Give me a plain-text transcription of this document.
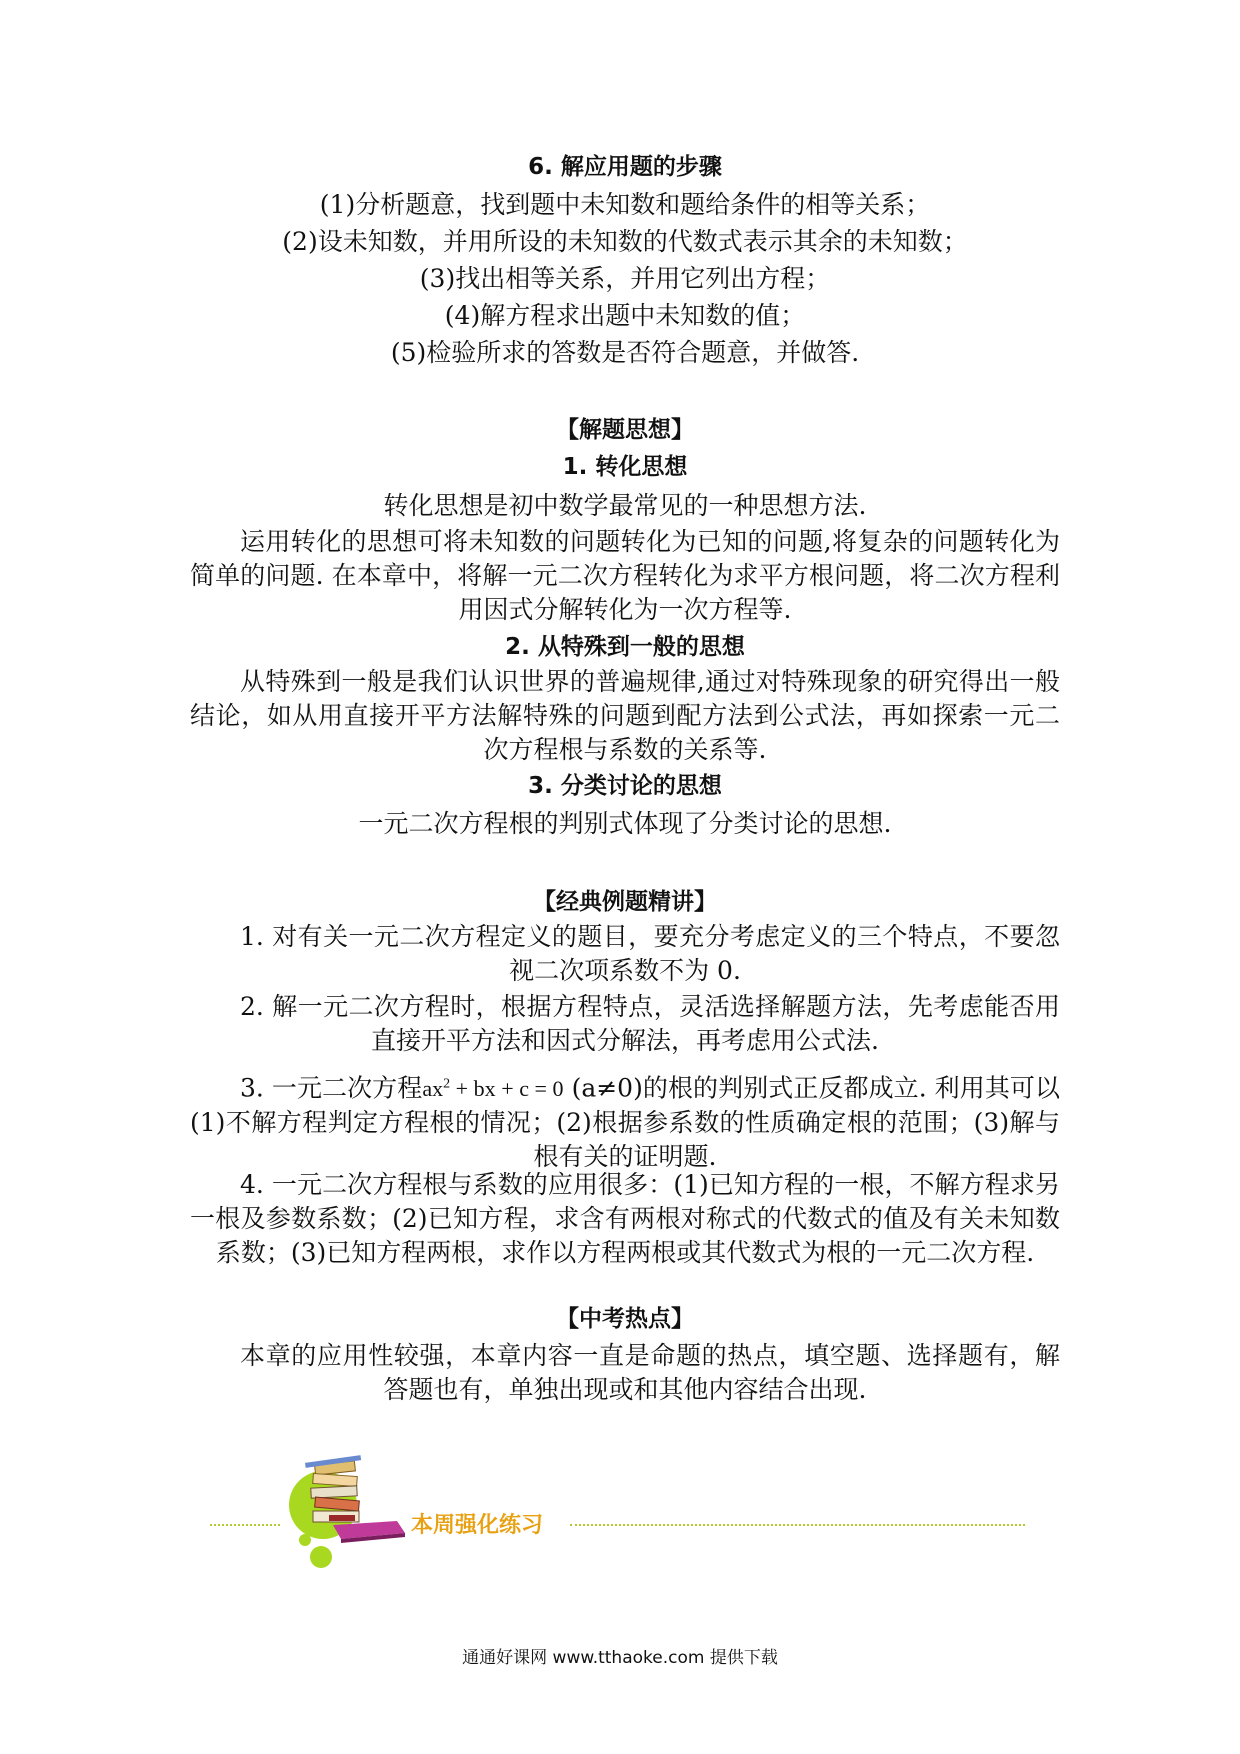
6. 解应用题的步骤
(1)分析题意，找到题中未知数和题给条件的相等关系；
(2)设未知数，并用所设的未知数的代数式表示其余的未知数；
(3)找出相等关系，并用它列出方程；
(4)解方程求出题中未知数的值；
(5)检验所求的答数是否符合题意，并做答.
【解题思想】
1. 转化思想
转化思想是初中数学最常见的一种思想方法.
运用转化的思想可将未知数的问题转化为已知的问题,将复杂的问题转化为简单的问题. 在本章中，将解一元二次方程转化为求平方根问题，将二次方程利用因式分解转化为一次方程等.
2. 从特殊到一般的思想
从特殊到一般是我们认识世界的普遍规律,通过对特殊现象的研究得出一般结论，如从用直接开平方法解特殊的问题到配方法到公式法，再如探索一元二次方程根与系数的关系等.
3. 分类讨论的思想
一元二次方程根的判别式体现了分类讨论的思想.
【经典例题精讲】
1. 对有关一元二次方程定义的题目，要充分考虑定义的三个特点，不要忽视二次项系数不为 0.
2. 解一元二次方程时，根据方程特点，灵活选择解题方法，先考虑能否用直接开平方法和因式分解法，再考虑用公式法.
3. 一元二次方程$ax^2$ + bx + c = 0 (a≠0)的根的判别式正反都成立. 利用其可以(1)不解方程判定方程根的情况；(2)根据参系数的性质确定根的范围；(3)解与根有关的证明题.
4. 一元二次方程根与系数的应用很多：(1)已知方程的一根，不解方程求另一根及参数系数；(2)已知方程，求含有两根对称式的代数式的值及有关未知数系数；(3)已知方程两根，求作以方程两根或其代数式为根的一元二次方程.
【中考热点】
本章的应用性较强，本章内容一直是命题的热点，填空题、选择题有，解答题也有，单独出现或和其他内容结合出现.
本周强化练习
通通好课网 www.tthaoke.com 提供下载
